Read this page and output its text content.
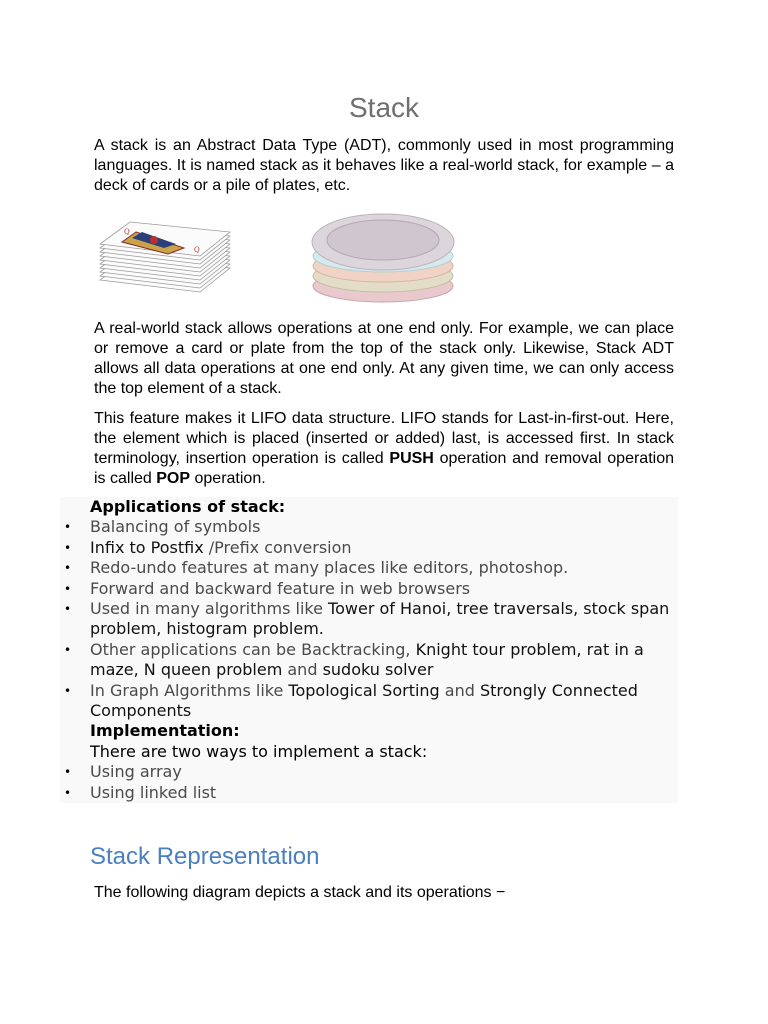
Stack

A stack is an Abstract Data Type (ADT), commonly used in most programming languages. It is named stack as it behaves like a real-world stack, for example – a deck of cards or a pile of plates, etc.

Q
Q

A real-world stack allows operations at one end only. For example, we can place or remove a card or plate from the top of the stack only. Likewise, Stack ADT allows all data operations at one end only. At any given time, we can only access the top element of a stack.

This feature makes it LIFO data structure. LIFO stands for Last-in-first-out. Here, the element which is placed (inserted or added) last, is accessed first. In stack terminology, insertion operation is called PUSH operation and removal operation is called POP operation.

Applications of stack:
• Balancing of symbols
• Infix to Postfix /Prefix conversion
• Redo-undo features at many places like editors, photoshop.
• Forward and backward feature in web browsers
• Used in many algorithms like Tower of Hanoi, tree traversals, stock span problem, histogram problem.
• Other applications can be Backtracking, Knight tour problem, rat in a maze, N queen problem and sudoku solver
• In Graph Algorithms like Topological Sorting and Strongly Connected Components
Implementation:
There are two ways to implement a stack:
• Using array
• Using linked list
Stack Representation
The following diagram depicts a stack and its operations −
